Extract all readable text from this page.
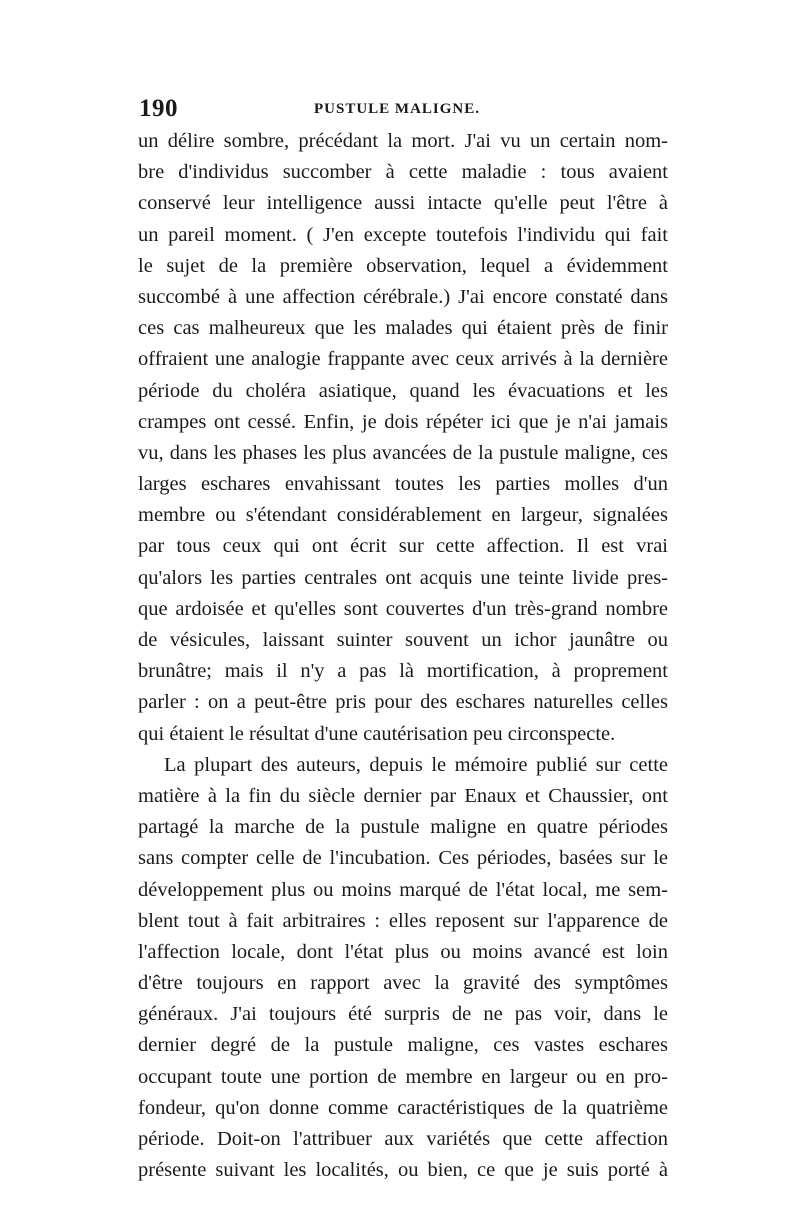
190	PUSTULE MALIGNE.
un délire sombre, précédant la mort. J'ai vu un certain nom-
bre d'individus succomber à cette maladie : tous avaient
conservé leur intelligence aussi intacte qu'elle peut l'être à
un pareil moment. ( J'en excepte toutefois l'individu qui fait
le sujet de la première observation, lequel a évidemment
succombé à une affection cérébrale.) J'ai encore constaté dans
ces cas malheureux que les malades qui étaient près de finir
offraient une analogie frappante avec ceux arrivés à la dernière
période du choléra asiatique, quand les évacuations et les
crampes ont cessé. Enfin, je dois répéter ici que je n'ai jamais
vu, dans les phases les plus avancées de la pustule maligne, ces
larges eschares envahissant toutes les parties molles d'un
membre ou s'étendant considérablement en largeur, signalées
par tous ceux qui ont écrit sur cette affection. Il est vrai
qu'alors les parties centrales ont acquis une teinte livide pres-
que ardoisée et qu'elles sont couvertes d'un très-grand nombre
de vésicules, laissant suinter souvent un ichor jaunâtre ou
brunâtre; mais il n'y a pas là mortification, à proprement
parler : on a peut-être pris pour des eschares naturelles celles
qui étaient le résultat d'une cautérisation peu circonspecte.
La plupart des auteurs, depuis le mémoire publié sur cette
matière à la fin du siècle dernier par Enaux et Chaussier, ont
partagé la marche de la pustule maligne en quatre périodes
sans compter celle de l'incubation. Ces périodes, basées sur le
développement plus ou moins marqué de l'état local, me sem-
blent tout à fait arbitraires : elles reposent sur l'apparence de
l'affection locale, dont l'état plus ou moins avancé est loin
d'être toujours en rapport avec la gravité des symptômes
généraux. J'ai toujours été surpris de ne pas voir, dans le
dernier degré de la pustule maligne, ces vastes eschares
occupant toute une portion de membre en largeur ou en pro-
fondeur, qu'on donne comme caractéristiques de la quatrième
période. Doit-on l'attribuer aux variétés que cette affection
présente suivant les localités, ou bien, ce que je suis porté à
